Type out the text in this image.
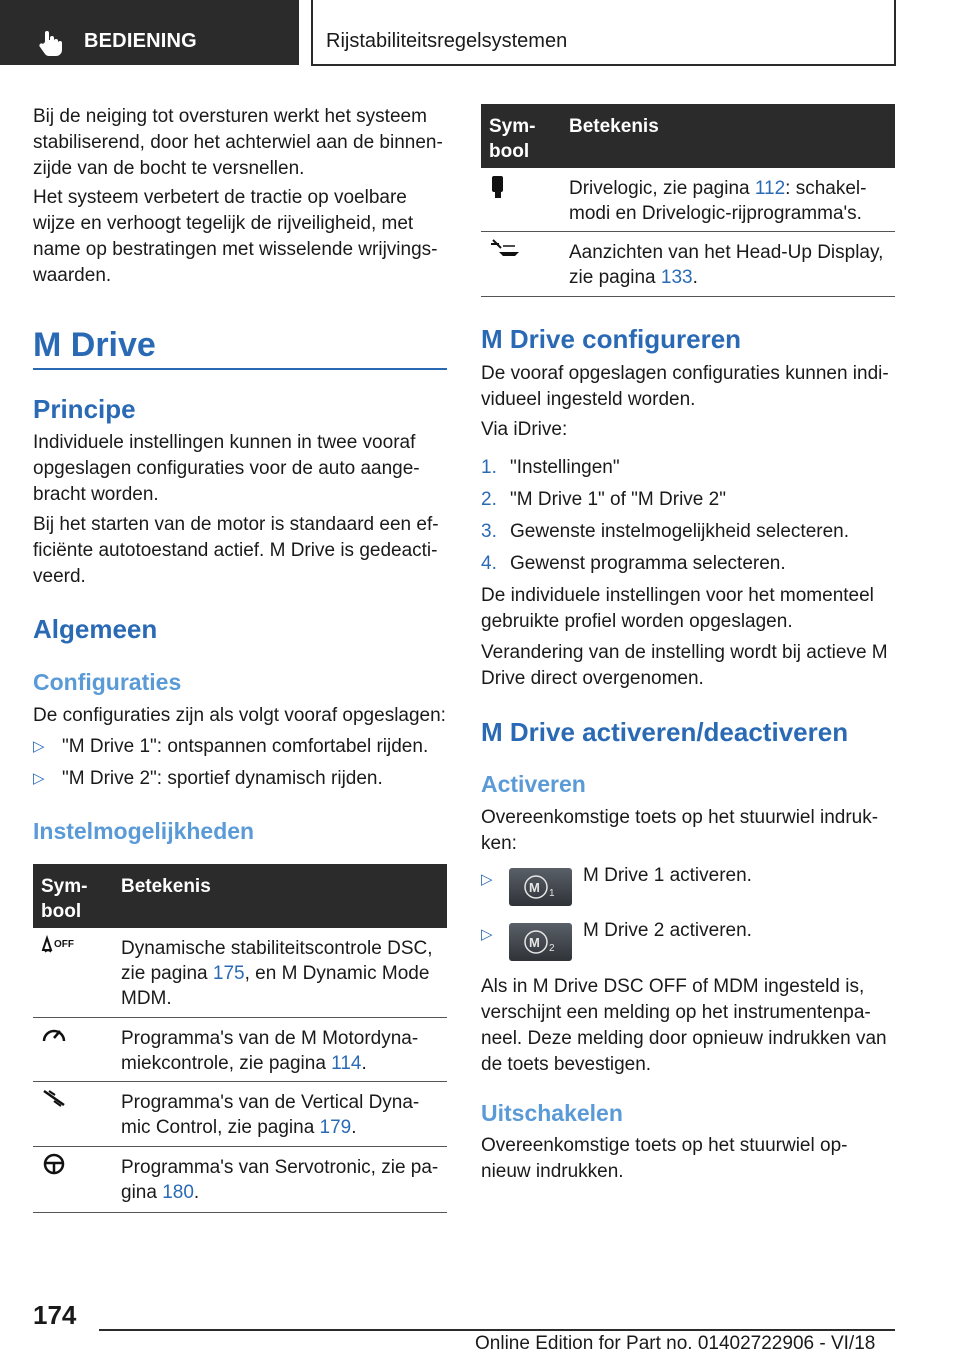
BEDIENING	Rijstabiliteitsregelsystemen
174
Online Edition for Part no. 01402722906 - VI/18
Bij de neiging tot oversturen werkt het systeem
stabiliserend, door het achterwiel aan de binnen-
zijde van de bocht te versnellen.
Het systeem verbetert de tractie op voelbare
wijze en verhoogt tegelijk de rijveiligheid, met
name op bestratingen met wisselende wrijvings-
waarden.
M Drive
Principe
Individuele instellingen kunnen in twee vooraf
opgeslagen configuraties voor de auto aange-
bracht worden.
Bij het starten van de motor is standaard een ef-
ficiënte autotoestand actief. M Drive is gedeacti-
veerd.
Algemeen
Configuraties
De configuraties zijn als volgt vooraf opgeslagen:
▷ "M Drive 1": ontspannen comfortabel rijden.
▷ "M Drive 2": sportief dynamisch rijden.
Instelmogelijkheden
Sym-
bool
Betekenis
OFF Dynamische stabiliteitscontrole DSC,
zie pagina 175, en M Dynamic Mode
MDM.
Programma's van de M Motordyna-
miekcontrole, zie pagina 114.
Programma's van de Vertical Dyna-
mic Control, zie pagina 179.
Programma's van Servotronic, zie pa-
gina 180.
Sym-
bool
Betekenis
Drivelogic, zie pagina 112: schakel-
modi en Drivelogic-rijprogramma's.
Aanzichten van het Head-Up Display,
zie pagina 133.
M Drive configureren
De vooraf opgeslagen configuraties kunnen indi-
vidueel ingesteld worden.
Via iDrive:
1. "Instellingen"
2. "M Drive 1" of "M Drive 2"
3. Gewenste instelmogelijkheid selecteren.
4. Gewenst programma selecteren.
De individuele instellingen voor het momenteel
gebruikte profiel worden opgeslagen.
Verandering van de instelling wordt bij actieve M
Drive direct overgenomen.
M Drive activeren/deactiveren
Activeren
Overeenkomstige toets op het stuurwiel indruk-
ken:
▷	M 1
M Drive 1 activeren.
▷	M 2
M Drive 2 activeren.
Als in M Drive DSC OFF of MDM ingesteld is,
verschijnt een melding op het instrumentenpa-
neel. Deze melding door opnieuw indrukken van
de toets bevestigen.
Uitschakelen
Overeenkomstige toets op het stuurwiel op-
nieuw indrukken.
